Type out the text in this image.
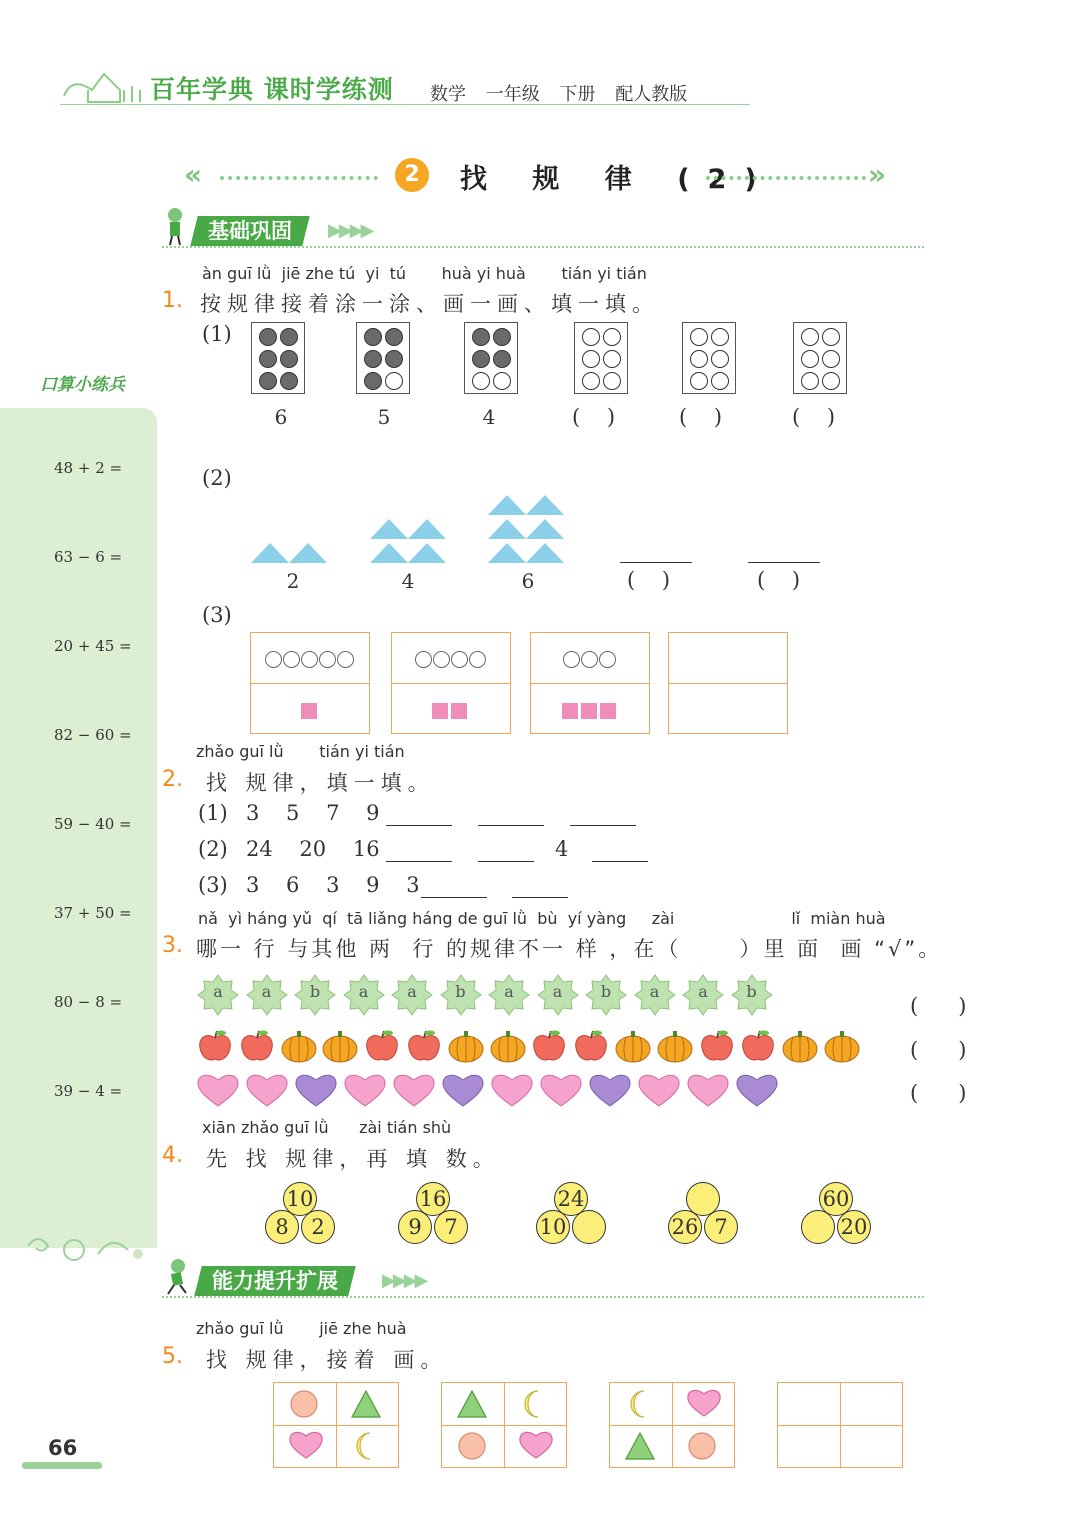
百年学典 课时学练测 数学 一年级 下册 配人教版
«	2	找 规 律 (2)	»
基础巩固	▶▶▶▶
口算小练兵
48 + 2 =
63 − 6 =
20 + 45 =
82 − 60 =
59 − 40 =
37 + 50 =
80 − 8 =
39 − 4 =
àn guī lǜ  jiē zhe tú  yi  tú       huà yi huà       tián yi tián
1. 按规律接着涂一涂、画一画、填一填。
(1)
6	5	4	(    )	(    )	(    )
(2)
2	4	6	(    )	(    )
(3)
zhǎo guī lǜ       tián yi tián
2. 找 规律，填一填。
(1) 3    5    7    9
(2) 24    20    16	4
(3) 3    6    3    9    3
nǎ  yì háng yǔ  qí  tā liǎng háng de guī lǜ  bù  yí yàng     zài                       lǐ  miàn huà
3. 哪一 行 与其他 两  行 的规律不一 样 ，在（      ）里 面  画 “√”。
a	a	b	a	a	b	a	a	b	a	a	b
(      )
(      )
(      )
xiān zhǎo guī lǜ      zài tián shù
4. 先 找 规律，再 填 数。
10
8	2
16
9	7
24
10	26 7
60
20
能力提升扩展	▶▶▶▶
zhǎo guī lǜ       jiē zhe huà
5. 找 规律，接着 画。
66
